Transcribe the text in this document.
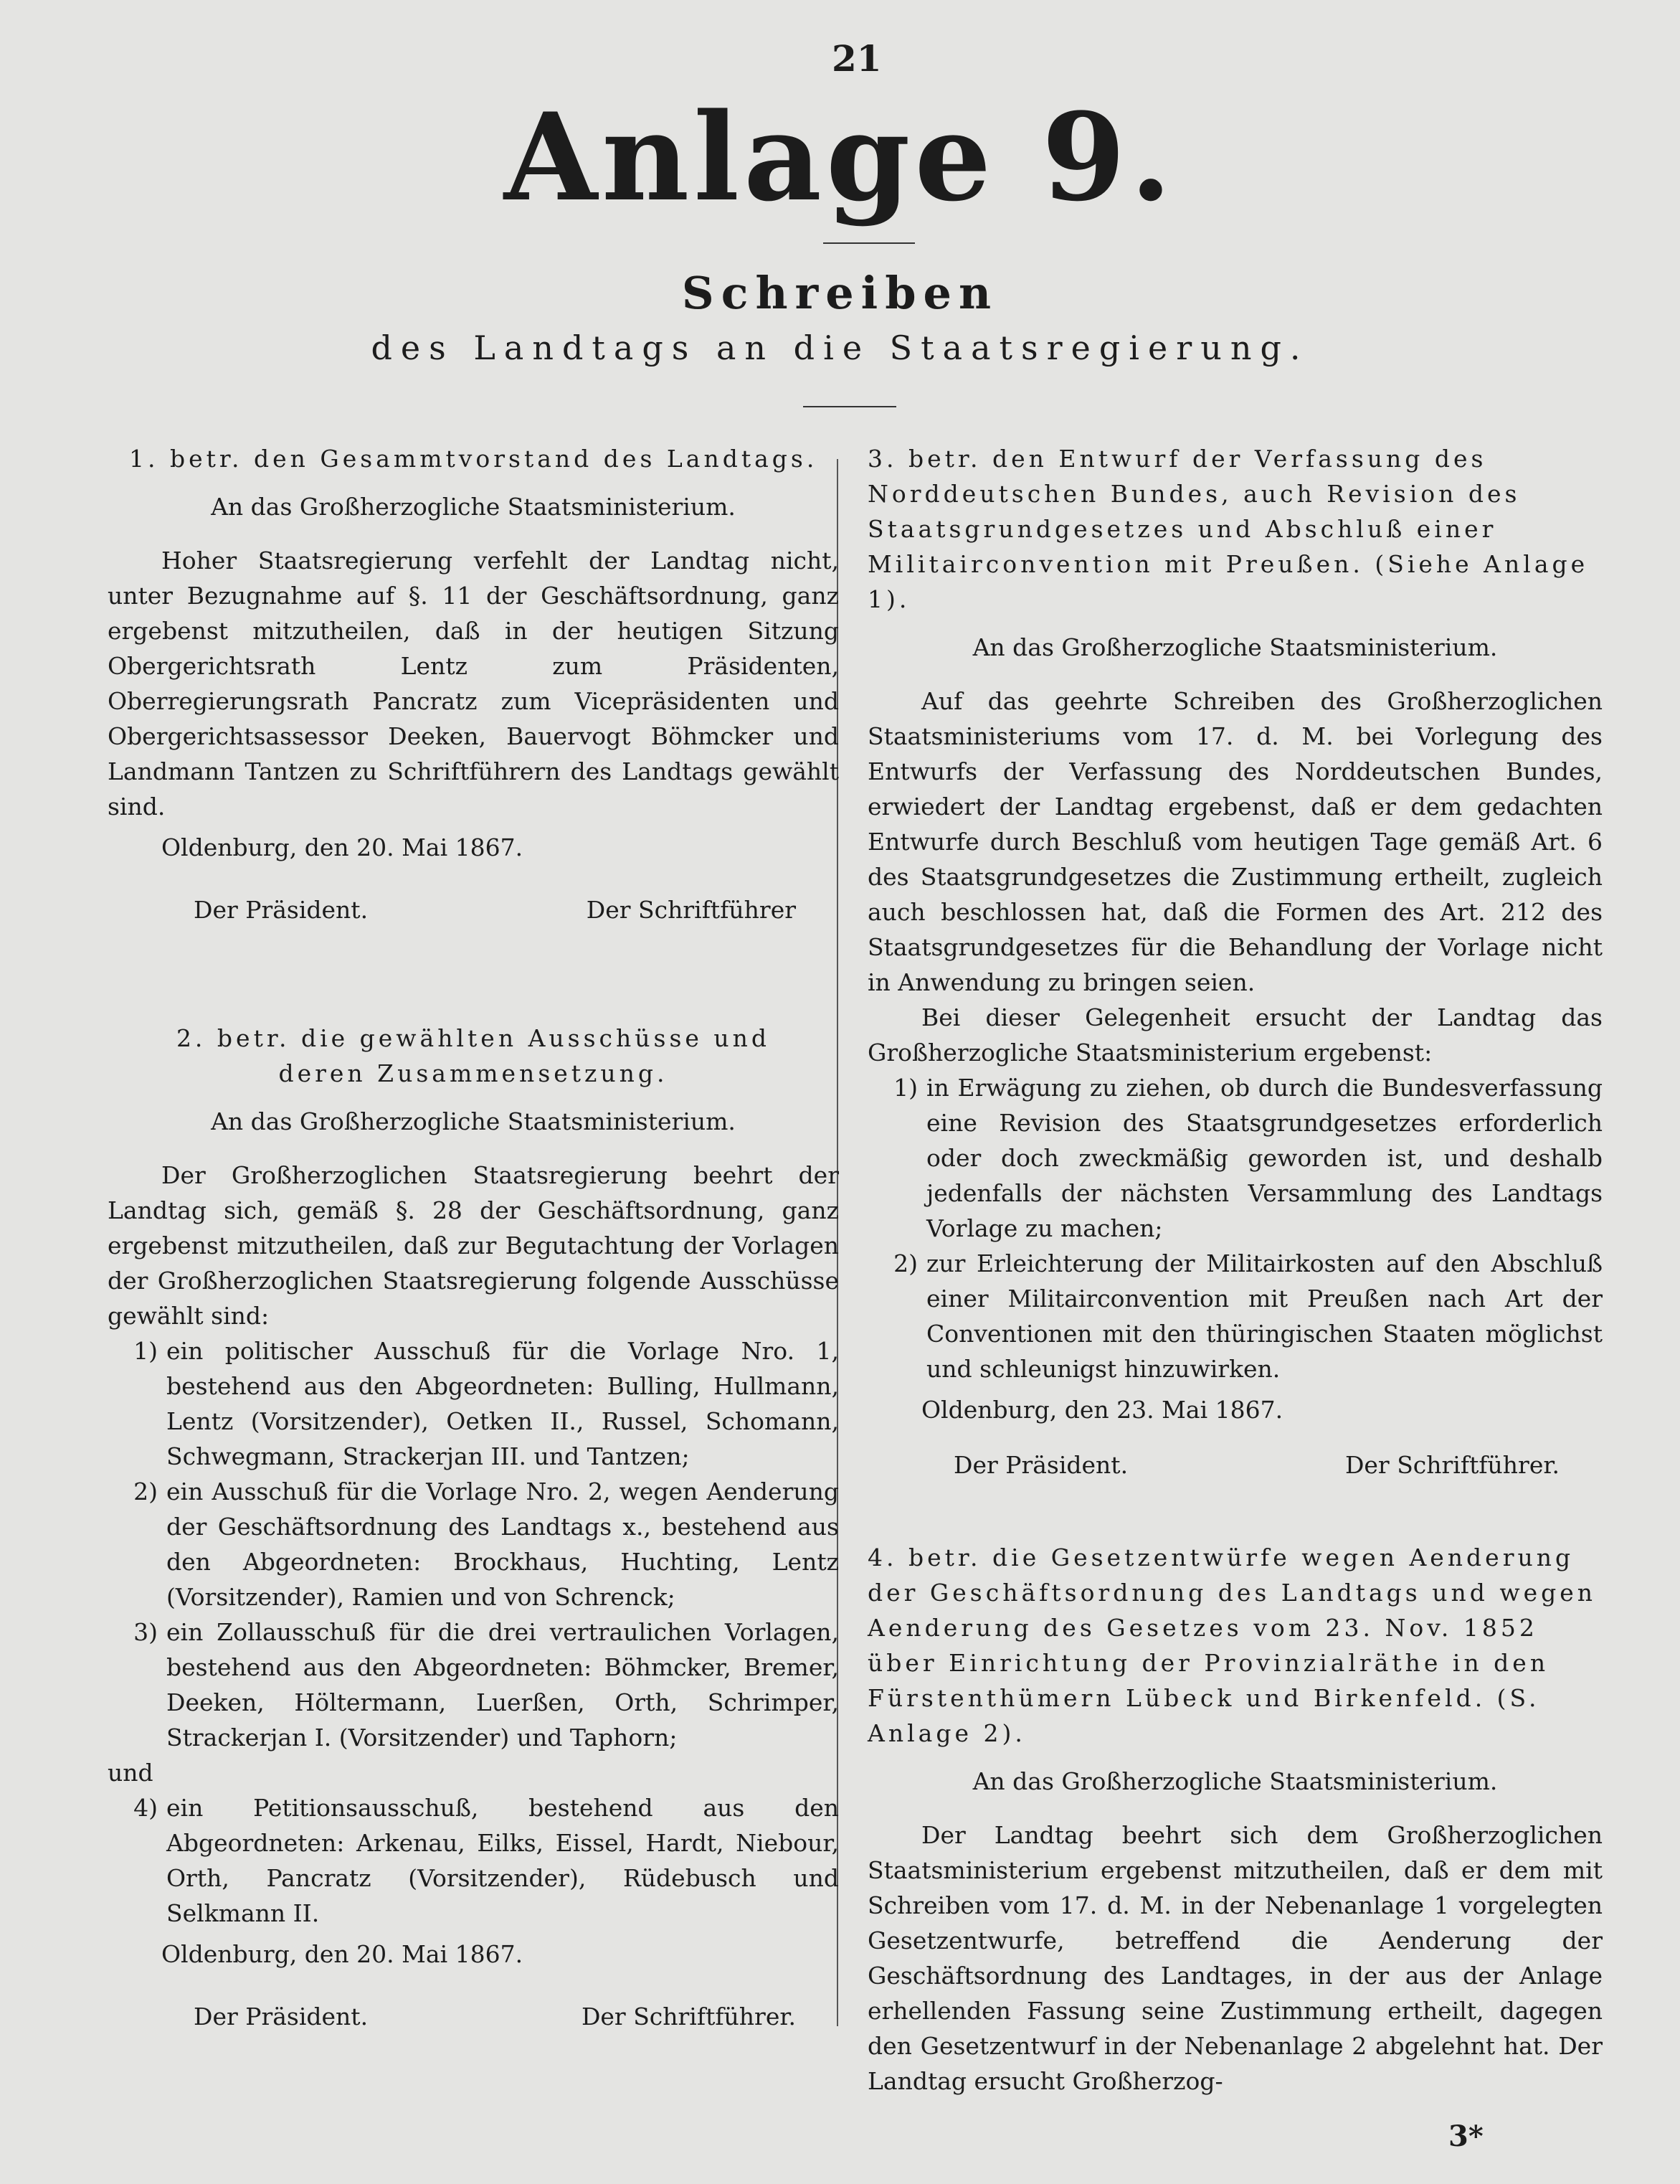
21
Anlage 9.
Schreiben
des Landtags an die Staatsregierung.
1. betr. den Gesammtvorstand des Landtags.
An das Großherzogliche Staatsministerium.

Hoher Staatsregierung verfehlt der Landtag nicht, unter Bezugnahme auf §. 11 der Geschäftsordnung, ganz ergebenst mitzutheilen, daß in der heutigen Sitzung Obergerichtsrath Lentz zum Präsidenten, Oberregierungsrath Pancratz zum Vicepräsidenten und Obergerichtsassessor Deeken, Bauervogt Böhmcker und Landmann Tantzen zu Schriftführern des Landtags gewählt sind.

Oldenburg, den 20. Mai 1867.

Der Präsident.	Der Schriftführer
2. betr. die gewählten Ausschüsse und deren Zusammensetzung.
An das Großherzogliche Staatsministerium.

Der Großherzoglichen Staatsregierung beehrt der Landtag sich, gemäß §. 28 der Geschäftsordnung, ganz ergebenst mitzutheilen, daß zur Begutachtung der Vorlagen der Großherzoglichen Staatsregierung folgende Ausschüsse gewählt sind:

1) ein politischer Ausschuß für die Vorlage Nro. 1, bestehend aus den Abgeordneten: Bulling, Hullmann, Lentz (Vorsitzender), Oetken II., Russel, Schomann, Schwegmann, Strackerjan III. und Tantzen;
2) ein Ausschuß für die Vorlage Nro. 2, wegen Aenderung der Geschäftsordnung des Landtags x., bestehend aus den Abgeordneten: Brockhaus, Huchting, Lentz (Vorsitzender), Ramien und von Schrenck;
3) ein Zollausschuß für die drei vertraulichen Vorlagen, bestehend aus den Abgeordneten: Böhmcker, Bremer, Deeken, Höltermann, Luerßen, Orth, Schrimper, Strackerjan I. (Vorsitzender) und Taphorn;

und

4) ein Petitionsausschuß, bestehend aus den Abgeordneten: Arkenau, Eilks, Eissel, Hardt, Niebour, Orth, Pancratz (Vorsitzender), Rüdebusch und Selkmann II.

Oldenburg, den 20. Mai 1867.

Der Präsident.	Der Schriftführer.
3. betr. den Entwurf der Verfassung des Norddeutschen Bundes, auch Revision des Staatsgrundgesetzes und Abschluß einer Militairconvention mit Preußen. (Siehe Anlage 1).
An das Großherzogliche Staatsministerium.

Auf das geehrte Schreiben des Großherzoglichen Staatsministeriums vom 17. d. M. bei Vorlegung des Entwurfs der Verfassung des Norddeutschen Bundes, erwiedert der Landtag ergebenst, daß er dem gedachten Entwurfe durch Beschluß vom heutigen Tage gemäß Art. 6 des Staatsgrundgesetzes die Zustimmung ertheilt, zugleich auch beschlossen hat, daß die Formen des Art. 212 des Staatsgrundgesetzes für die Behandlung der Vorlage nicht in Anwendung zu bringen seien.

Bei dieser Gelegenheit ersucht der Landtag das Großherzogliche Staatsministerium ergebenst:

1) in Erwägung zu ziehen, ob durch die Bundesverfassung eine Revision des Staatsgrundgesetzes erforderlich oder doch zweckmäßig geworden ist, und deshalb jedenfalls der nächsten Versammlung des Landtags Vorlage zu machen;
2) zur Erleichterung der Militairkosten auf den Abschluß einer Militairconvention mit Preußen nach Art der Conventionen mit den thüringischen Staaten möglichst und schleunigst hinzuwirken.

Oldenburg, den 23. Mai 1867.

Der Präsident.	Der Schriftführer.
4. betr. die Gesetzentwürfe wegen Aenderung der Geschäftsordnung des Landtags und wegen Aenderung des Gesetzes vom 23. Nov. 1852 über Einrichtung der Provinzialräthe in den Fürstenthümern Lübeck und Birkenfeld. (S. Anlage 2).
An das Großherzogliche Staatsministerium.

Der Landtag beehrt sich dem Großherzoglichen Staatsministerium ergebenst mitzutheilen, daß er dem mit Schreiben vom 17. d. M. in der Nebenanlage 1 vorgelegten Gesetzentwurfe, betreffend die Aenderung der Geschäftsordnung des Landtages, in der aus der Anlage erhellenden Fassung seine Zustimmung ertheilt, dagegen den Gesetzentwurf in der Nebenanlage 2 abgelehnt hat. Der Landtag ersucht Großherzog-

3*
